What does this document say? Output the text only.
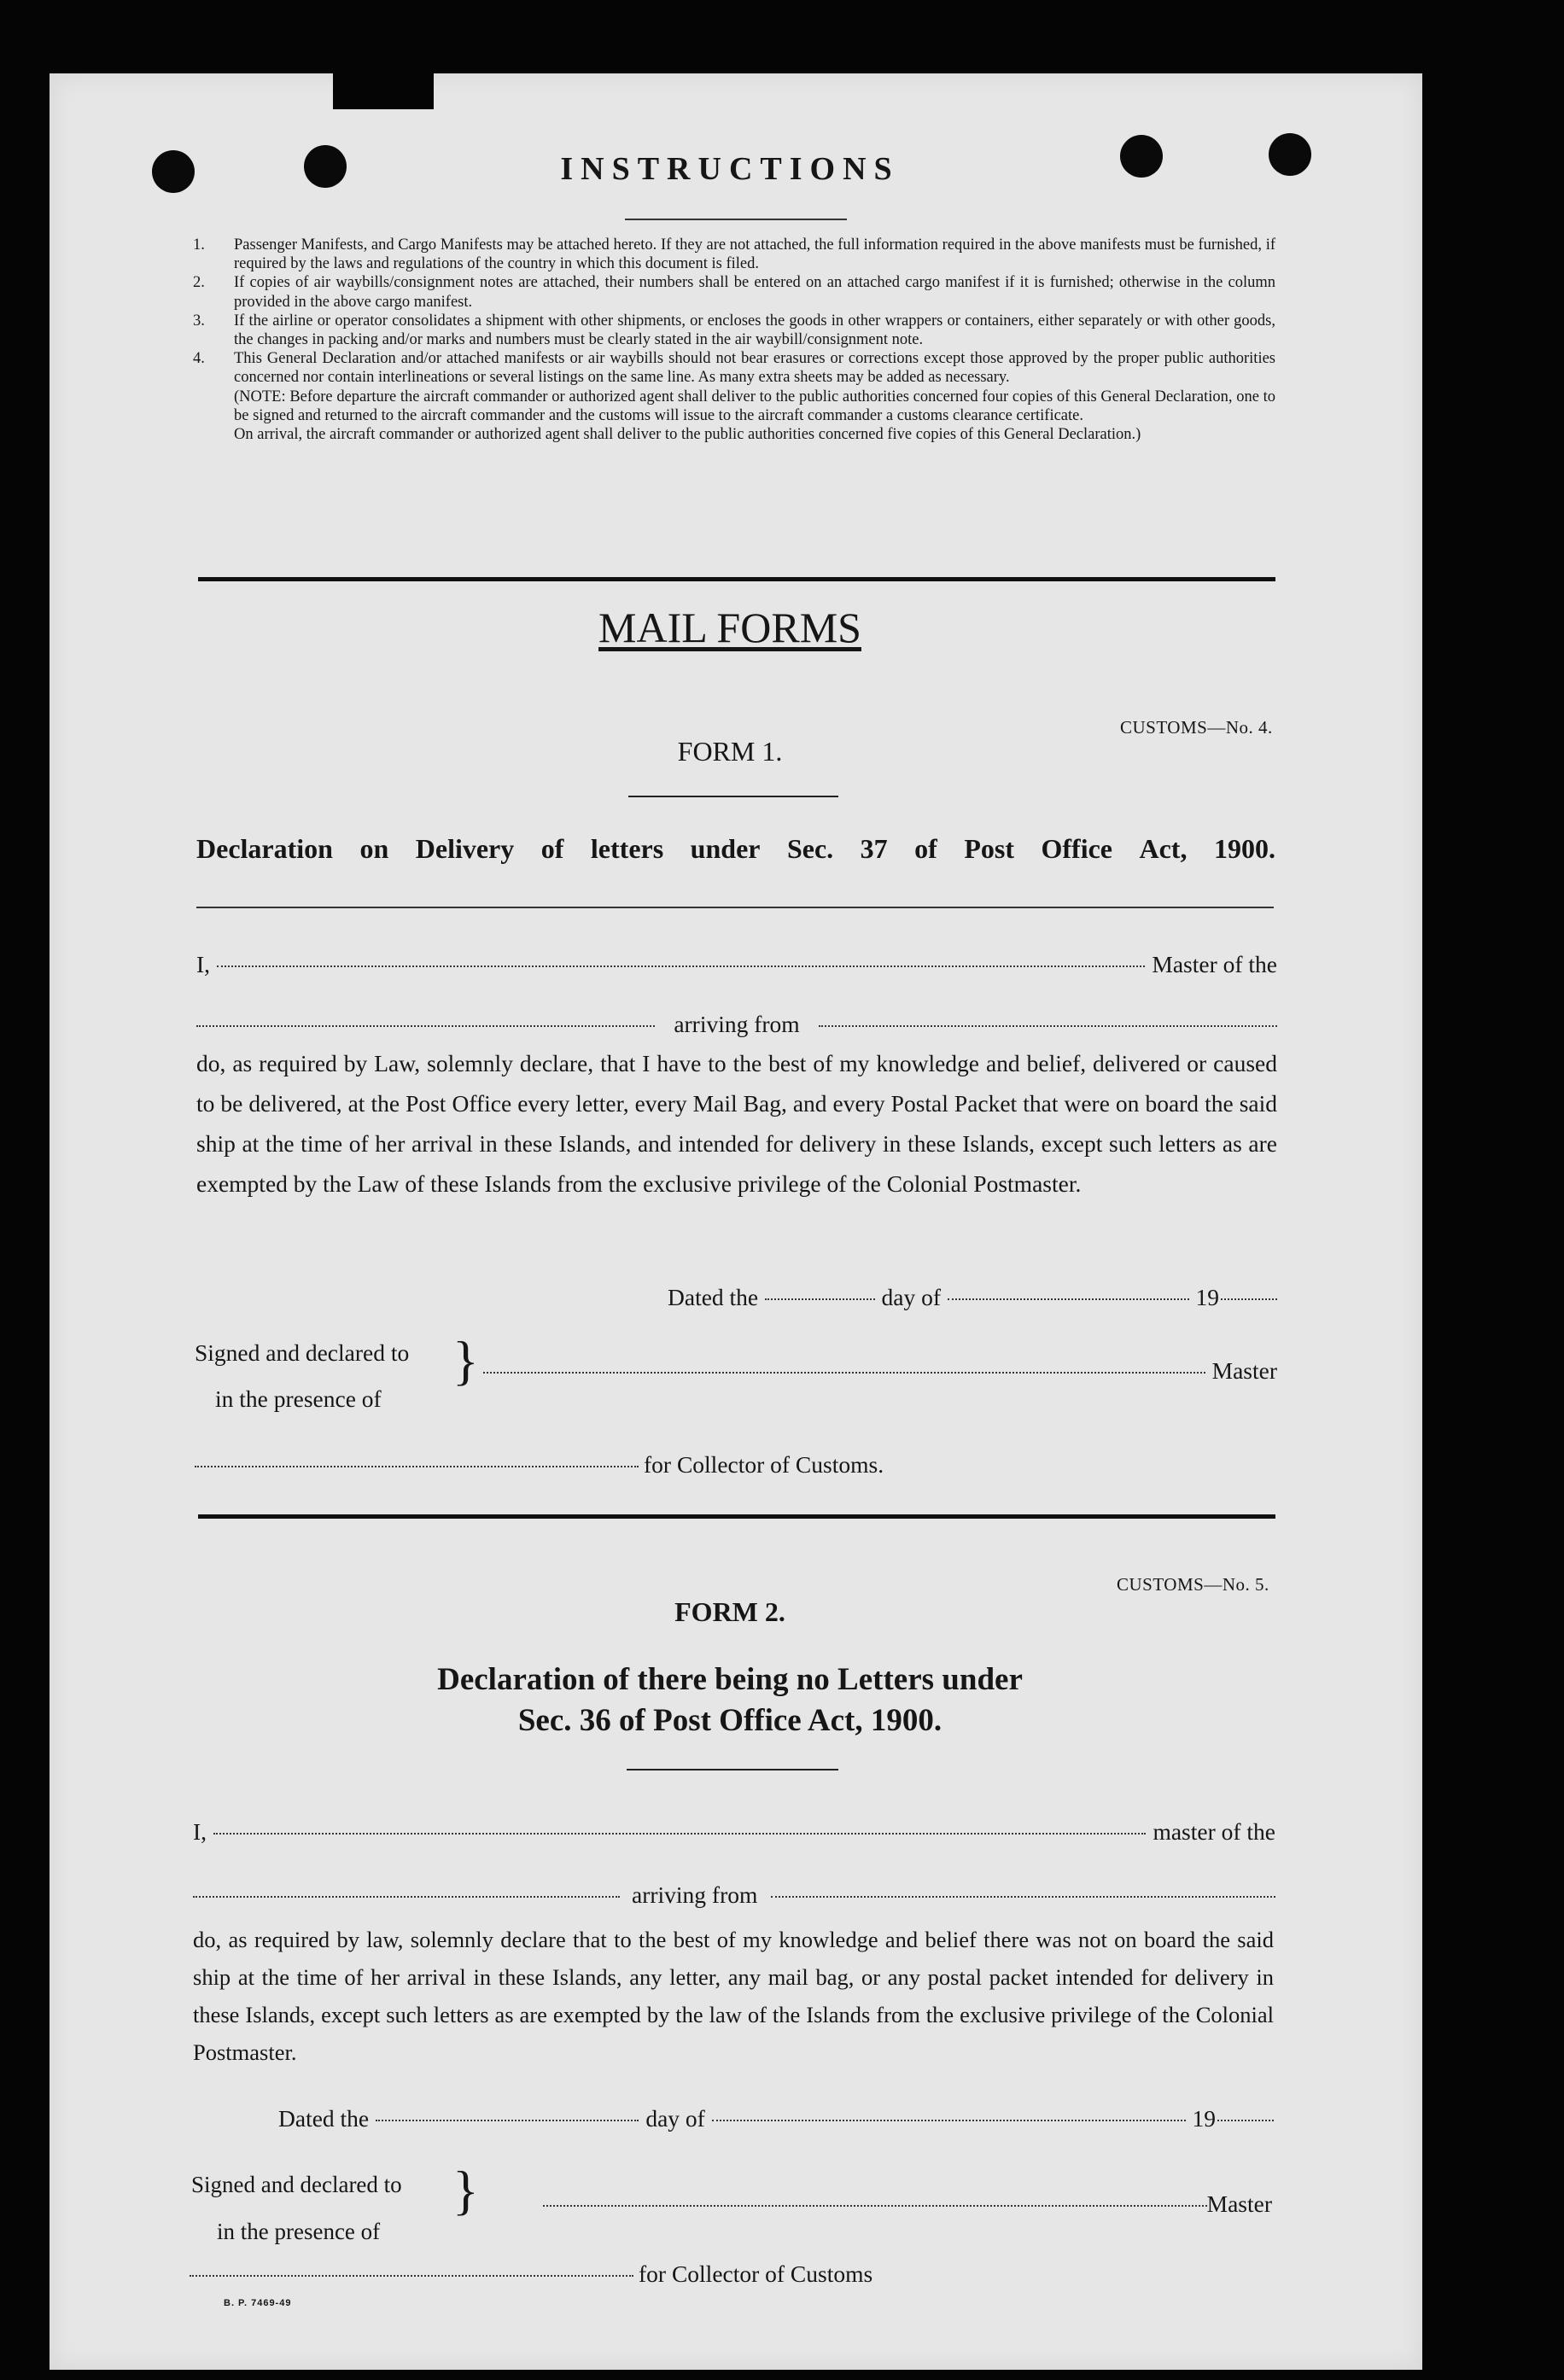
INSTRUCTIONS
1. Passenger Manifests, and Cargo Manifests may be attached hereto. If they are not attached, the full information required in the above manifests must be furnished, if required by the laws and regulations of the country in which this document is filed.
2. If copies of air waybills/consignment notes are attached, their numbers shall be entered on an attached cargo manifest if it is furnished; otherwise in the column provided in the above cargo manifest.
3. If the airline or operator consolidates a shipment with other shipments, or encloses the goods in other wrappers or containers, either separately or with other goods, the changes in packing and/or marks and numbers must be clearly stated in the air waybill/consignment note.
4. This General Declaration and/or attached manifests or air waybills should not bear erasures or corrections except those approved by the proper public authorities concerned nor contain interlineations or several listings on the same line. As many extra sheets may be added as necessary.

(NOTE: Before departure the aircraft commander or authorized agent shall deliver to the public authorities concerned four copies of this General Declaration, one to be signed and returned to the aircraft commander and the customs will issue to the aircraft commander a customs clearance certificate.

On arrival, the aircraft commander or authorized agent shall deliver to the public authorities concerned five copies of this General Declaration.)
MAIL FORMS
CUSTOMS—No. 4.
FORM 1.
Declaration on Delivery of letters under Sec. 37 of Post Office Act, 1900.
I,	Master of the
arriving from
do, as required by Law, solemnly declare, that I have to the best of my knowledge and belief, delivered or caused to be delivered, at the Post Office every letter, every Mail Bag, and every Postal Packet that were on board the said ship at the time of her arrival in these Islands, and intended for delivery in these Islands, except such letters as are exempted by the Law of these Islands from the exclusive privilege of the Colonial Postmaster.
Dated the	day of	19
Signed and declared to
in the presence of
}	Master
for Collector of Customs.
CUSTOMS—No. 5.
FORM 2.
Declaration of there being no Letters under
Sec. 36 of Post Office Act, 1900.
I,	master of the
arriving from
do, as required by law, solemnly declare that to the best of my knowledge and belief there was not on board the said ship at the time of her arrival in these Islands, any letter, any mail bag, or any postal packet intended for delivery in these Islands, except such letters as are exempted by the law of the Islands from the exclusive privilege of the Colonial Postmaster.
Dated the	day of	19
Signed and declared to
in the presence of
}	Master
for Collector of Customs
B. P. 7469-49
